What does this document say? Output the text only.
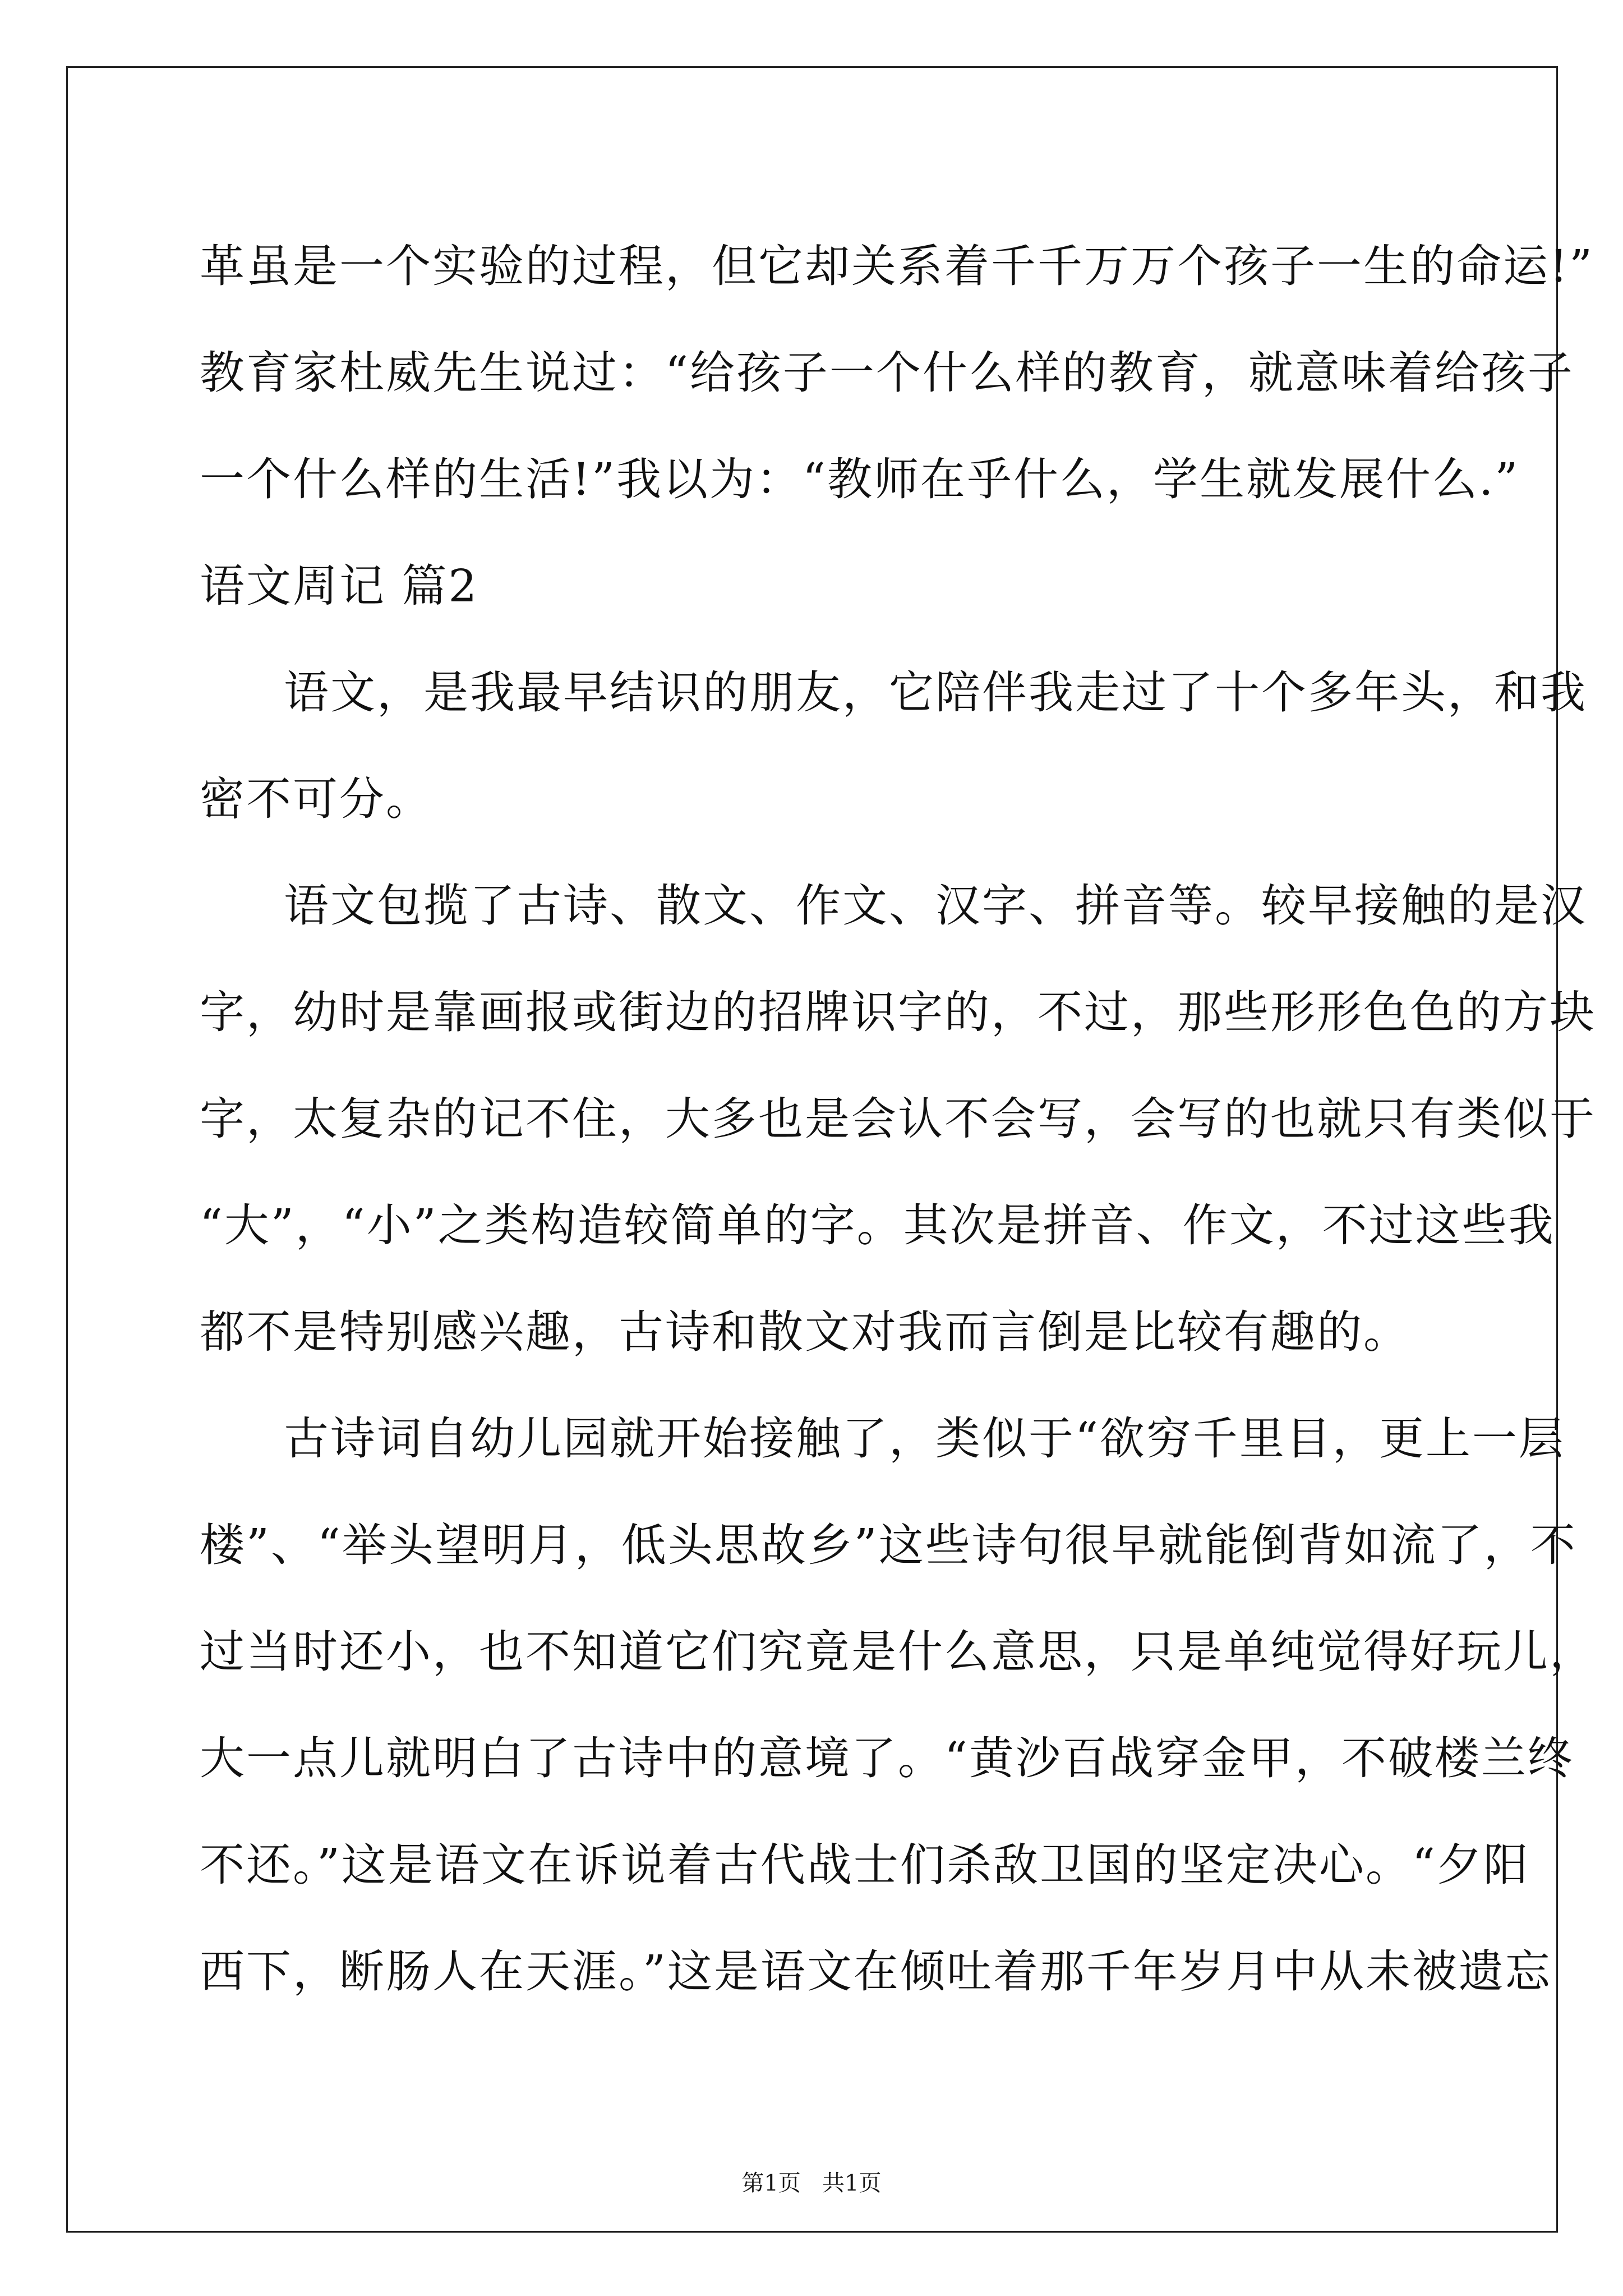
革虽是一个实验的过程，但它却关系着千千万万个孩子一生的命运!”
教育家杜威先生说过：“给孩子一个什么样的教育，就意味着给孩子
一个什么样的生活!”我以为：“教师在乎什么，学生就发展什么.”
语文周记 篇2
语文，是我最早结识的朋友，它陪伴我走过了十个多年头，和我
密不可分。
语文包揽了古诗、散文、作文、汉字、拼音等。较早接触的是汉
字，幼时是靠画报或街边的招牌识字的，不过，那些形形色色的方块
字，太复杂的记不住，大多也是会认不会写，会写的也就只有类似于
“大”，“小”之类构造较简单的字。其次是拼音、作文，不过这些我
都不是特别感兴趣，古诗和散文对我而言倒是比较有趣的。
古诗词自幼儿园就开始接触了，类似于“欲穷千里目，更上一层
楼”、“举头望明月，低头思故乡”这些诗句很早就能倒背如流了，不
过当时还小，也不知道它们究竟是什么意思，只是单纯觉得好玩儿，
大一点儿就明白了古诗中的意境了。“黄沙百战穿金甲，不破楼兰终
不还。”这是语文在诉说着古代战士们杀敌卫国的坚定决心。“夕阳
西下，断肠人在天涯。”这是语文在倾吐着那千年岁月中从未被遗忘
第1页   共1页
